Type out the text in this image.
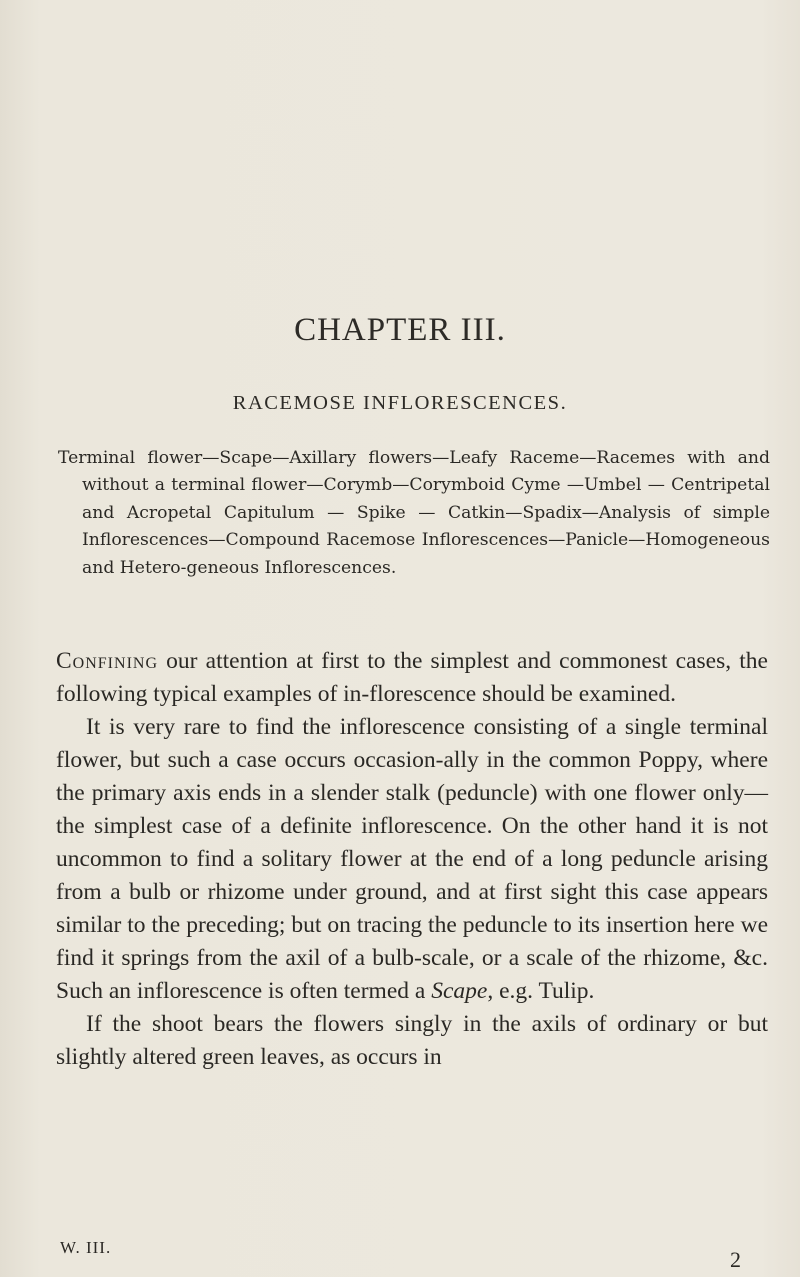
CHAPTER III.
RACEMOSE INFLORESCENCES.
Terminal flower—Scape—Axillary flowers—Leafy Raceme—Racemes with and without a terminal flower—Corymb—Corymboid Cyme —Umbel — Centripetal and Acropetal Capitulum — Spike — Catkin—Spadix—Analysis of simple Inflorescences—Compound Racemose Inflorescences—Panicle—Homogeneous and Hetero-geneous Inflorescences.

Confining our attention at first to the simplest and commonest cases, the following typical examples of in-florescence should be examined.

It is very rare to find the inflorescence consisting of a single terminal flower, but such a case occurs occasion-ally in the common Poppy, where the primary axis ends in a slender stalk (peduncle) with one flower only—the simplest case of a definite inflorescence. On the other hand it is not uncommon to find a solitary flower at the end of a long peduncle arising from a bulb or rhizome under ground, and at first sight this case appears similar to the preceding; but on tracing the peduncle to its insertion here we find it springs from the axil of a bulb-scale, or a scale of the rhizome, &c. Such an inflorescence is often termed a Scape, e.g. Tulip.

If the shoot bears the flowers singly in the axils of ordinary or but slightly altered green leaves, as occurs in

W. III.	2
